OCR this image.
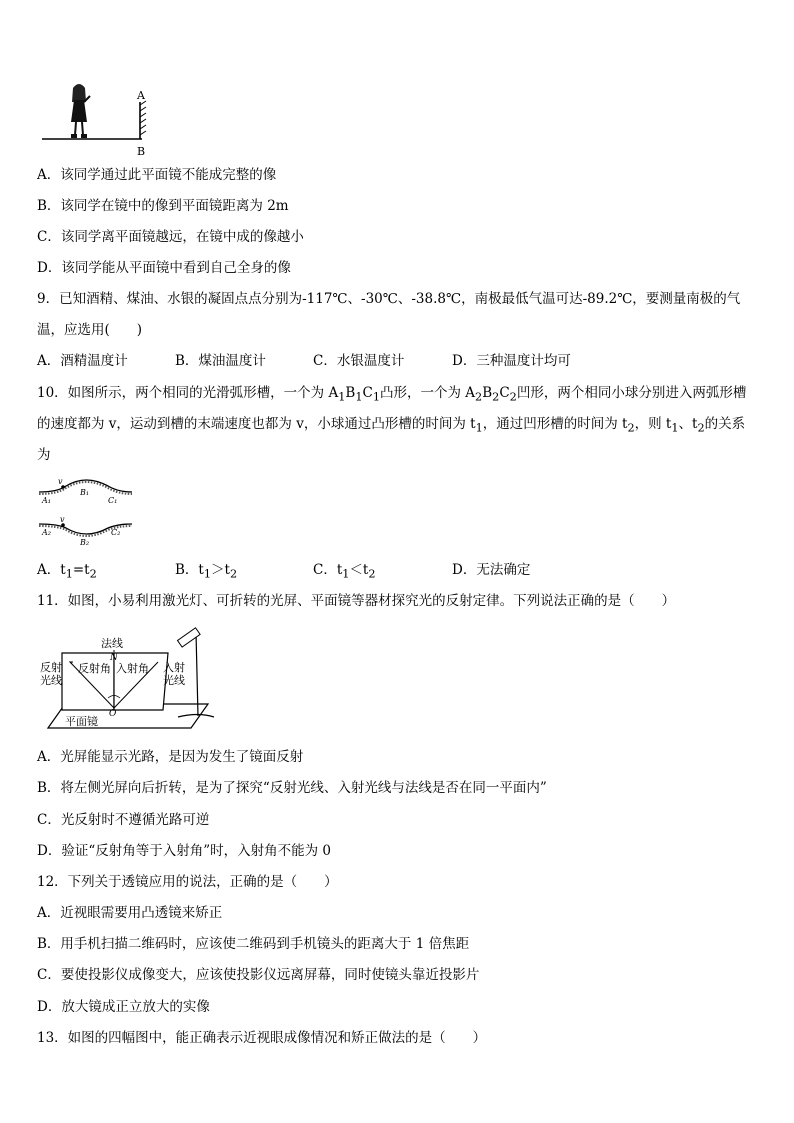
A
B
A．该同学通过此平面镜不能成完整的像
B．该同学在镜中的像到平面镜距离为 2m
C．该同学离平面镜越远，在镜中成的像越小
D．该同学能从平面镜中看到自己全身的像
9．已知酒精、煤油、水银的凝固点点分别为-117℃、-30℃、-38.8℃，南极最低气温可达-89.2℃，要测量南极的气
温，应选用(　　)
A．酒精温度计	B．煤油温度计	C．水银温度计	D．三种温度计均可
10．如图所示，两个相同的光滑弧形槽，一个为 $A_1B_1C_1$凸形，一个为 $A_2B_2C_2$凹形，两个相同小球分别进入两弧形槽
的速度都为 v，运动到槽的末端速度也都为 v，小球通过凸形槽的时间为 $t_1$，通过凹形槽的时间为 $t_2$，则 $t_1$、$t_2$的关系
为
v
A₁
B₁
C₁
v
A₂
B₂
C₂
A．$t_1=t_2$	B．$t_1>t_2$	C．$t_1<t_2$	D．无法确定
11．如图，小易利用激光灯、可折转的光屏、平面镜等器材探究光的反射定律。下列说法正确的是（　　）
法线
N
反射角 入射角
反射
光线
入射
光线
O
平面镜
A．光屏能显示光路，是因为发生了镜面反射
B．将左侧光屏向后折转，是为了探究“反射光线、入射光线与法线是否在同一平面内”
C．光反射时不遵循光路可逆
D．验证“反射角等于入射角”时，入射角不能为 0
12．下列关于透镜应用的说法，正确的是（　　）
A．近视眼需要用凸透镜来矫正
B．用手机扫描二维码时，应该使二维码到手机镜头的距离大于 1 倍焦距
C．要使投影仪成像变大，应该使投影仪远离屏幕，同时使镜头靠近投影片
D．放大镜成正立放大的实像
13．如图的四幅图中，能正确表示近视眼成像情况和矫正做法的是（　　）
